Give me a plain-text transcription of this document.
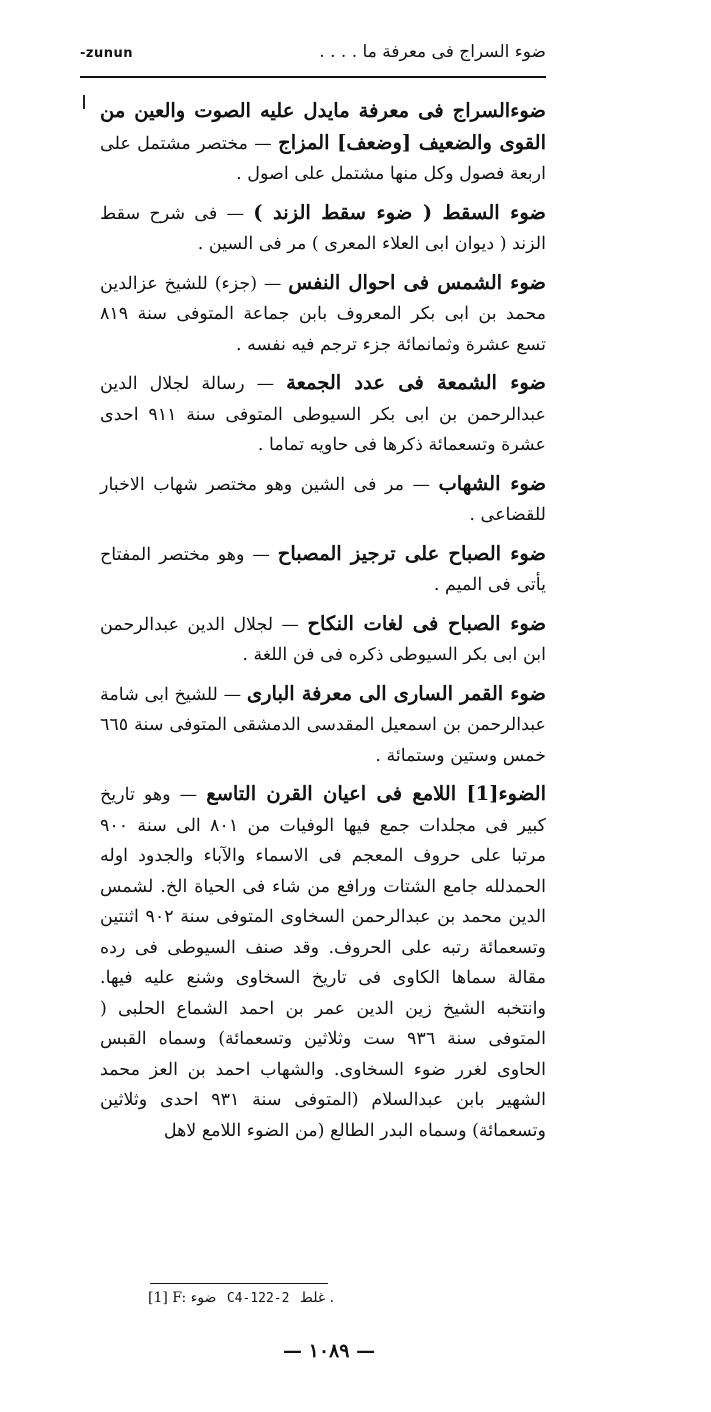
ضوء السراج فى معرفة ما . . . .
-zunun

ضوءالسراج فى معرفة مايدل عليه الصوت والعين من القوى والضعيف [وضعف] المزاج — مختصر مشتمل على اربعة فصول وكل منها مشتمل على اصول .

ضوء السقط ( ضوء سقط الزند ) — فى شرح سقط الزند ( ديوان ابى العلاء المعرى ) مر فى السين .

ضوء الشمس فى احوال النفس — (جزء) للشيخ عزالدين محمد بن ابى بكر المعروف بابن جماعة المتوفى سنة ٨١٩ تسع عشرة وثمانمائة جزء ترجم فيه نفسه .

ضوء الشمعة فى عدد الجمعة — رسالة لجلال الدين عبدالرحمن بن ابى بكر السيوطى المتوفى سنة ٩١١ احدى عشرة وتسعمائة ذكرها فى حاويه تماما .

ضوء الشهاب — مر فى الشين وهو مختصر شهاب الاخبار للقضاعى .

ضوء الصباح على ترجيز المصباح — وهو مختصر المفتاح يأتى فى الميم .

ضوء الصباح فى لغات النكاح — لجلال الدين عبدالرحمن ابن ابى بكر السيوطى ذكره فى فن اللغة .

ضوء القمر السارى الى معرفة البارى — للشيخ ابى شامة عبدالرحمن بن اسمعيل المقدسى الدمشقى المتوفى سنة ٦٦٥ خمس وستين وستمائة .

الضوء[1] اللامع فى اعيان القرن التاسع — وهو تاريخ كبير فى مجلدات جمع فيها الوفيات من ٨٠١ الى سنة ٩٠٠ مرتبا على حروف المعجم فى الاسماء والآباء والجدود اوله الحمدلله جامع الشتات ورافع من شاء فى الحياة الخ. لشمس الدين محمد بن عبدالرحمن السخاوى المتوفى سنة ٩٠٢ اثنتين وتسعمائة رتبه على الحروف. وقد صنف السيوطى فى رده مقالة سماها الكاوى فى تاريخ السخاوى وشنع عليه فيها. وانتخبه الشيخ زين الدين عمر بن احمد الشماع الحلبى ( المتوفى سنة ٩٣٦ ست وثلاثين وتسعمائة) وسماه القبس الحاوى لغرر ضوء السخاوى. والشهاب احمد بن العز محمد الشهير بابن عبدالسلام (المتوفى سنة ٩٣١ احدى وثلاثين وتسعمائة) وسماه البدر الطالع (من الضوء اللامع لاهل

[1] F: ضوء C4-122-2 غلط .
— ١٠٨٩ —
